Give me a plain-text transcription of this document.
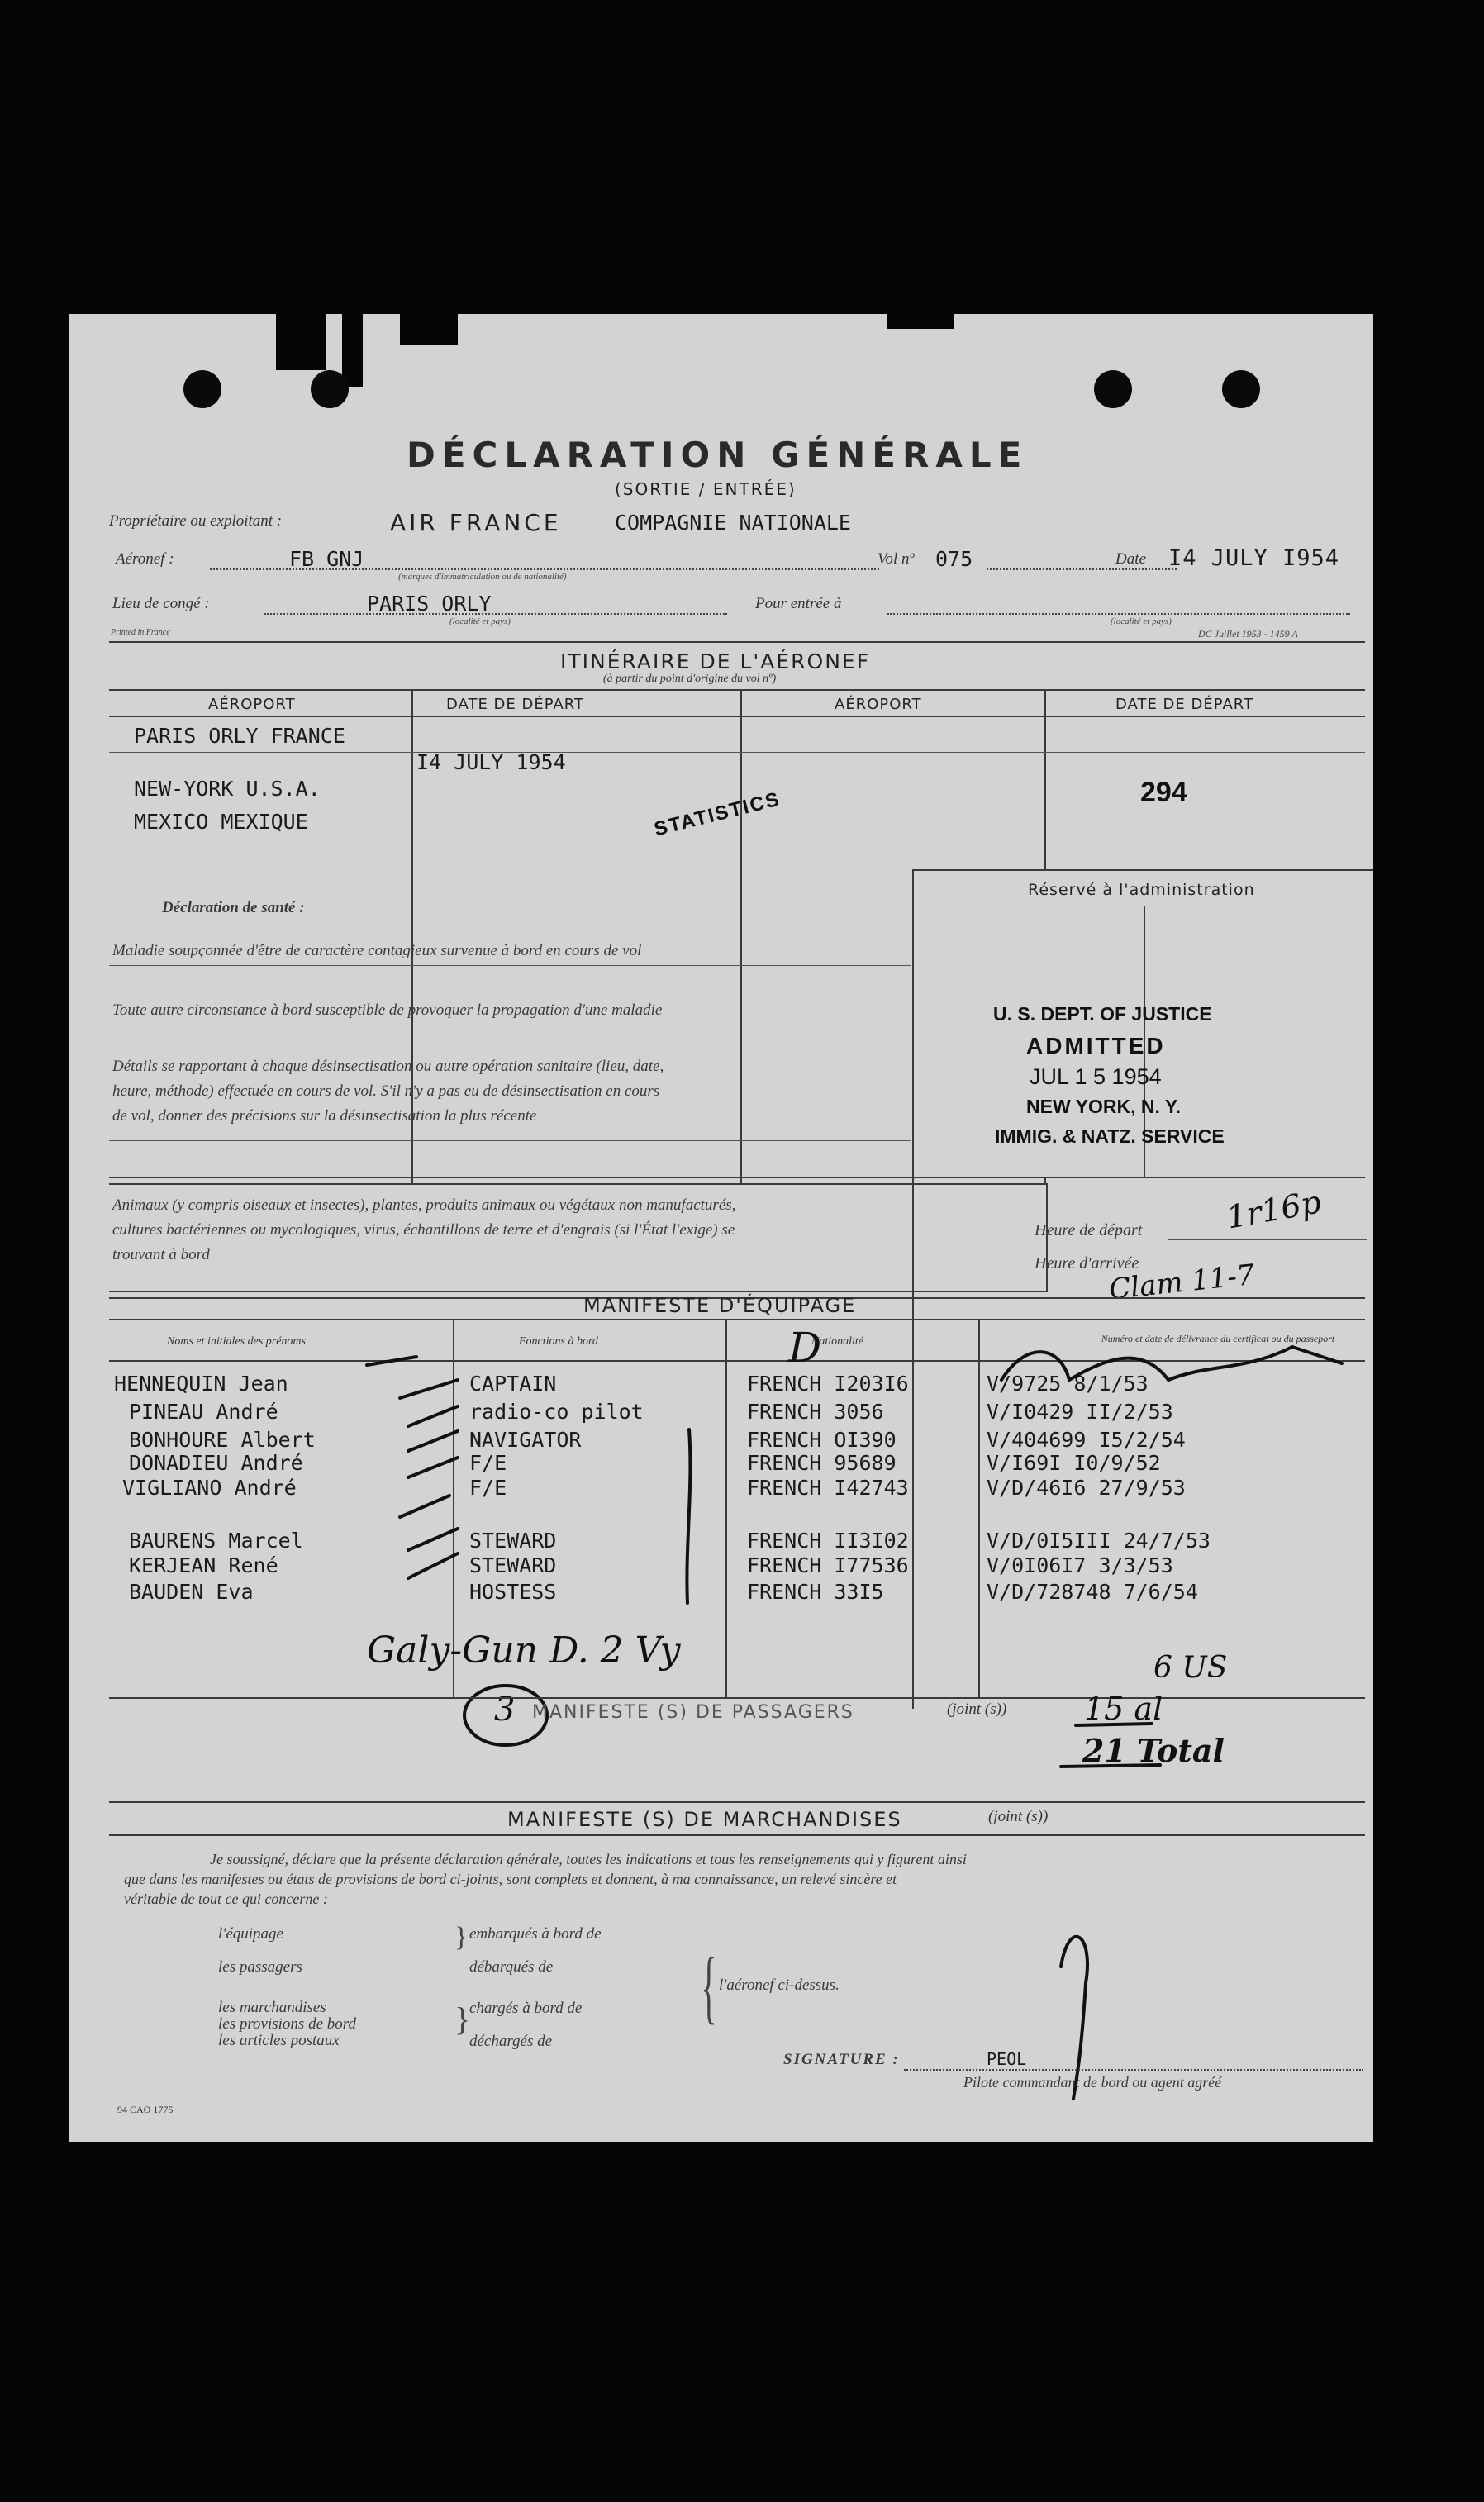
DÉCLARATION GÉNÉRALE
(SORTIE / ENTRÉE)
Propriétaire ou exploitant :	AIR FRANCE	COMPAGNIE NATIONALE
Aéronef :	FB GNJ
(marques d'immatriculation ou de nationalité)
Vol nº 075	Date I4 JULY I954
Lieu de congé :	PARIS ORLY
(localité et pays)
Pour entrée à
(localité et pays)
Printed in France	DC Juillet 1953 - 1459 A
ITINÉRAIRE DE L'AÉRONEF
(à partir du point d'origine du vol nº)
AÉROPORT	DATE DE DÉPART	AÉROPORT	DATE DE DÉPART
PARIS ORLY FRANCE
NEW-YORK U.S.A.
MEXICO MEXIQUE
I4 JULY 1954
STATISTICS	294
Réservé à l'administration
U. S. DEPT. OF JUSTICE
ADMITTED
JUL 1 5 1954
NEW YORK, N. Y.
IMMIG. & NATZ. SERVICE
Déclaration de santé :
Maladie soupçonnée d'être de caractère contagieux survenue à bord en cours de vol
Toute autre circonstance à bord susceptible de provoquer la propagation d'une maladie
Détails se rapportant à chaque désinsectisation ou autre opération sanitaire (lieu, date,
heure, méthode) effectuée en cours de vol. S'il n'y a pas eu de désinsectisation en cours
de vol, donner des précisions sur la désinsectisation la plus récente
Animaux (y compris oiseaux et insectes), plantes, produits animaux ou végétaux non manufacturés,
cultures bactériennes ou mycologiques, virus, échantillons de terre et d'engrais (si l'État l'exige) se
trouvant à bord
Heure de départ	1r16p
Heure d'arrivée
Clam 11-7
MANIFESTE D'ÉQUIPAGE
Noms et initiales des prénoms	Fonctions à bord	Nationalité	Numéro et date de délivrance du certificat ou du passeport
D
HENNEQUIN Jean	CAPTAIN	FRENCH I203I6	V/9725 8/1/53
PINEAU André	radio-co pilot	FRENCH 3056	V/I0429 II/2/53
BONHOURE Albert	NAVIGATOR	FRENCH OI390	V/404699 I5/2/54
DONADIEU André	F/E	FRENCH 95689	V/I69I I0/9/52
VIGLIANO André	F/E	FRENCH I42743	V/D/46I6 27/9/53
BAURENS Marcel	STEWARD	FRENCH II3I02	V/D/0I5III 24/7/53
KERJEAN René	STEWARD	FRENCH I77536	V/0I06I7 3/3/53
BAUDEN Eva	HOSTESS	FRENCH 33I5	V/D/728748 7/6/54
Galy-Gun D. 2 Vy
3 MANIFESTE (S) DE PASSAGERS	(joint (s))
6 US
15 al
21 Total
MANIFESTE (S) DE MARCHANDISES	(joint (s))
Je soussigné, déclare que la présente déclaration générale, toutes les indications et tous les renseignements qui y figurent ainsi
que dans les manifestes ou états de provisions de bord ci-joints, sont complets et donnent, à ma connaissance, un relevé sincère et
véritable de tout ce qui concerne :
l'équipage
les passagers
les marchandises
les provisions de bord
les articles postaux
}
}
embarqués à bord de
débarqués de
chargés à bord de
déchargés de
{ l'aéronef ci-dessus.
SIGNATURE :	PEOL
Pilote commandant de bord ou agent agréé
94 CAO 1775
